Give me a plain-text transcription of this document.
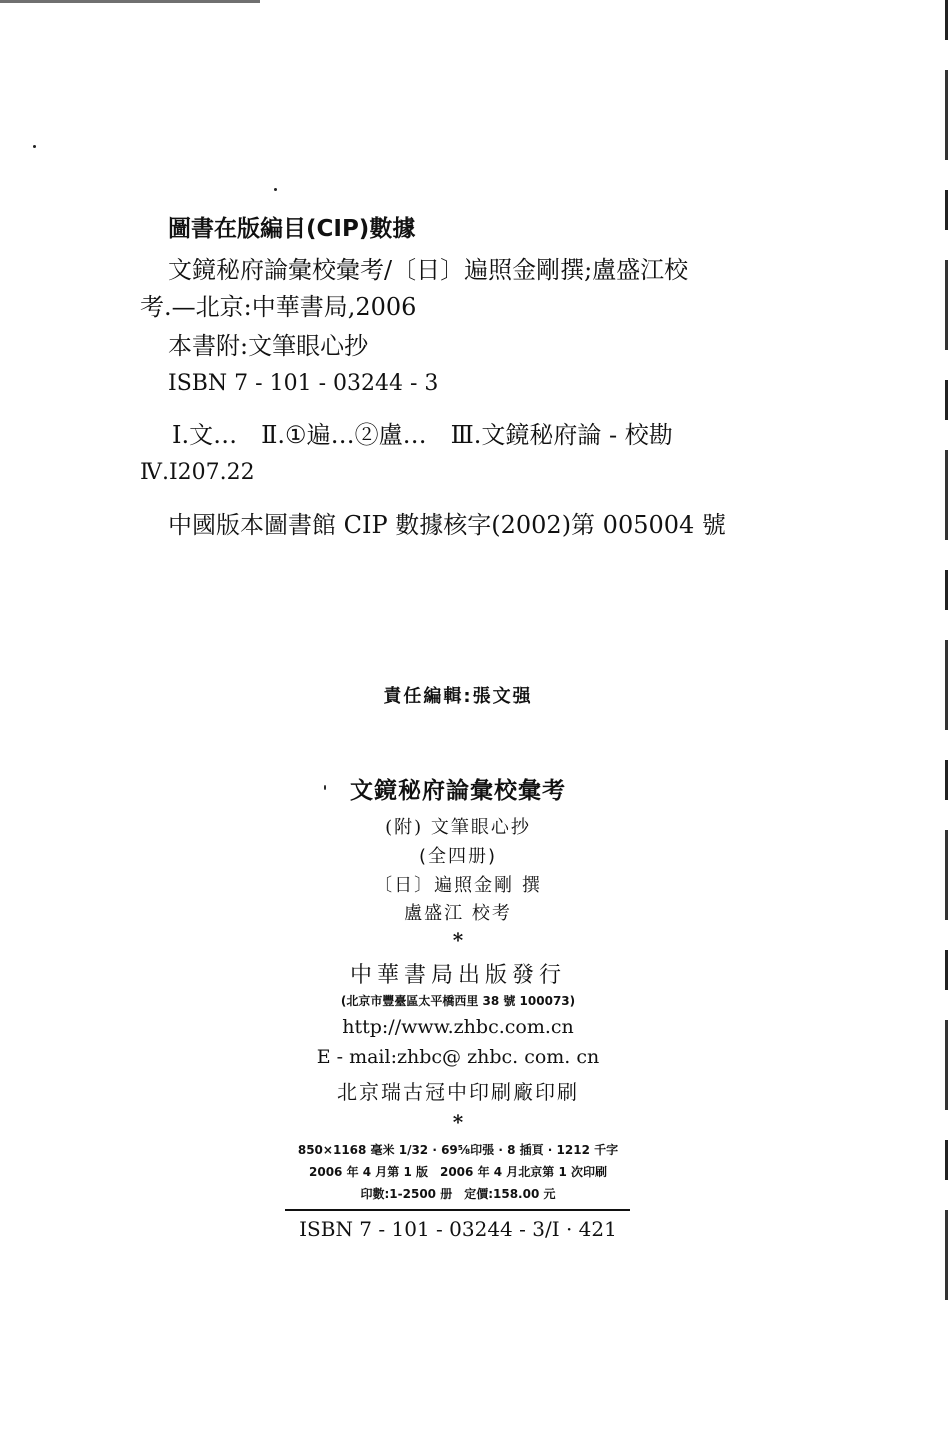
圖書在版編目(CIP)數據
文鏡秘府論彙校彙考/〔日〕遍照金剛撰;盧盛江校
考.—北京:中華書局,2006
本書附:文筆眼心抄
ISBN 7 - 101 - 03244 - 3
Ⅰ.文…　Ⅱ.①遍…②盧…　Ⅲ.文鏡秘府論 - 校勘
Ⅳ.I207.22
中國版本圖書館 CIP 數據核字(2002)第 005004 號
責任編輯:張文强
文鏡秘府論彙校彙考
(附) 文筆眼心抄
(全四册)
〔日〕遍照金剛 撰
盧盛江 校考
*
中華書局出版發行
(北京市豐臺區太平橋西里 38 號 100073)
http://www.zhbc.com.cn
E - mail:zhbc@ zhbc. com. cn
北京瑞古冠中印刷廠印刷
*
850×1168 毫米 1/32 · 69⅝印張 · 8 插頁 · 1212 千字
2006 年 4 月第 1 版　2006 年 4 月北京第 1 次印刷
印數:1-2500 册　定價:158.00 元
ISBN 7 - 101 - 03244 - 3/I · 421
